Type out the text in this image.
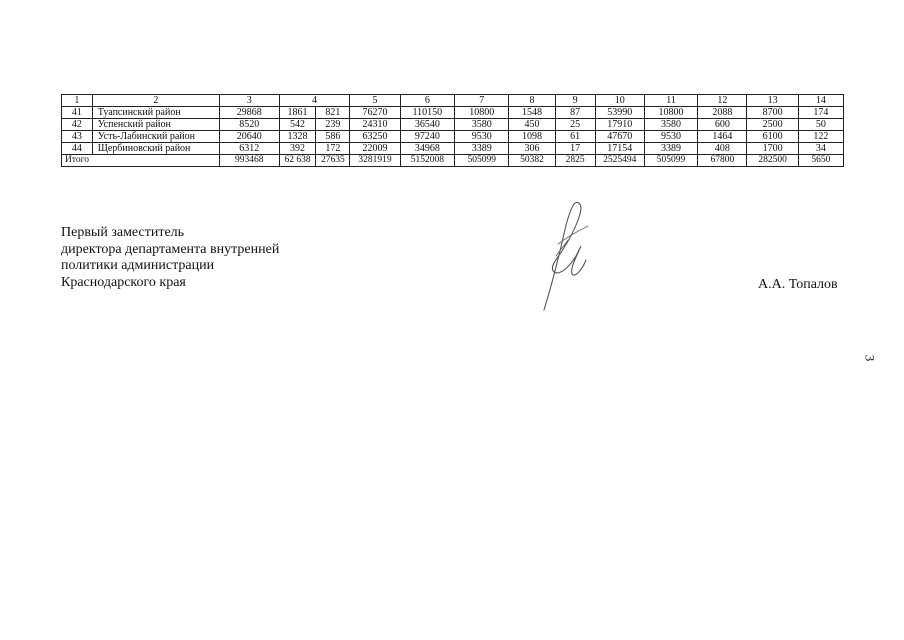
1	2	3	4		5	6	7	8	9	10	11	12	13	14
41	Туапсинский район	29868	1861	821	76270	110150	10800	1548	87	53990	10800	2088	8700	174
42	Успенский район	8520	542	239	24310	36540	3580	450	25	17910	3580	600	2500	50
43	Усть-Лабинский район	20640	1328	586	63250	97240	9530	1098	61	47670	9530	1464	6100	122
44	Щербиновский район	6312	392	172	22009	34968	3389	306	17	17154	3389	408	1700	34
Итого		993468	62 638	27635	3281919	5152008	505099	50382	2825	2525494	505099	67800	282500	5650
Первый заместитель
директора департамента внутренней
политики администрации
Краснодарского края	А.А. Топалов
3
